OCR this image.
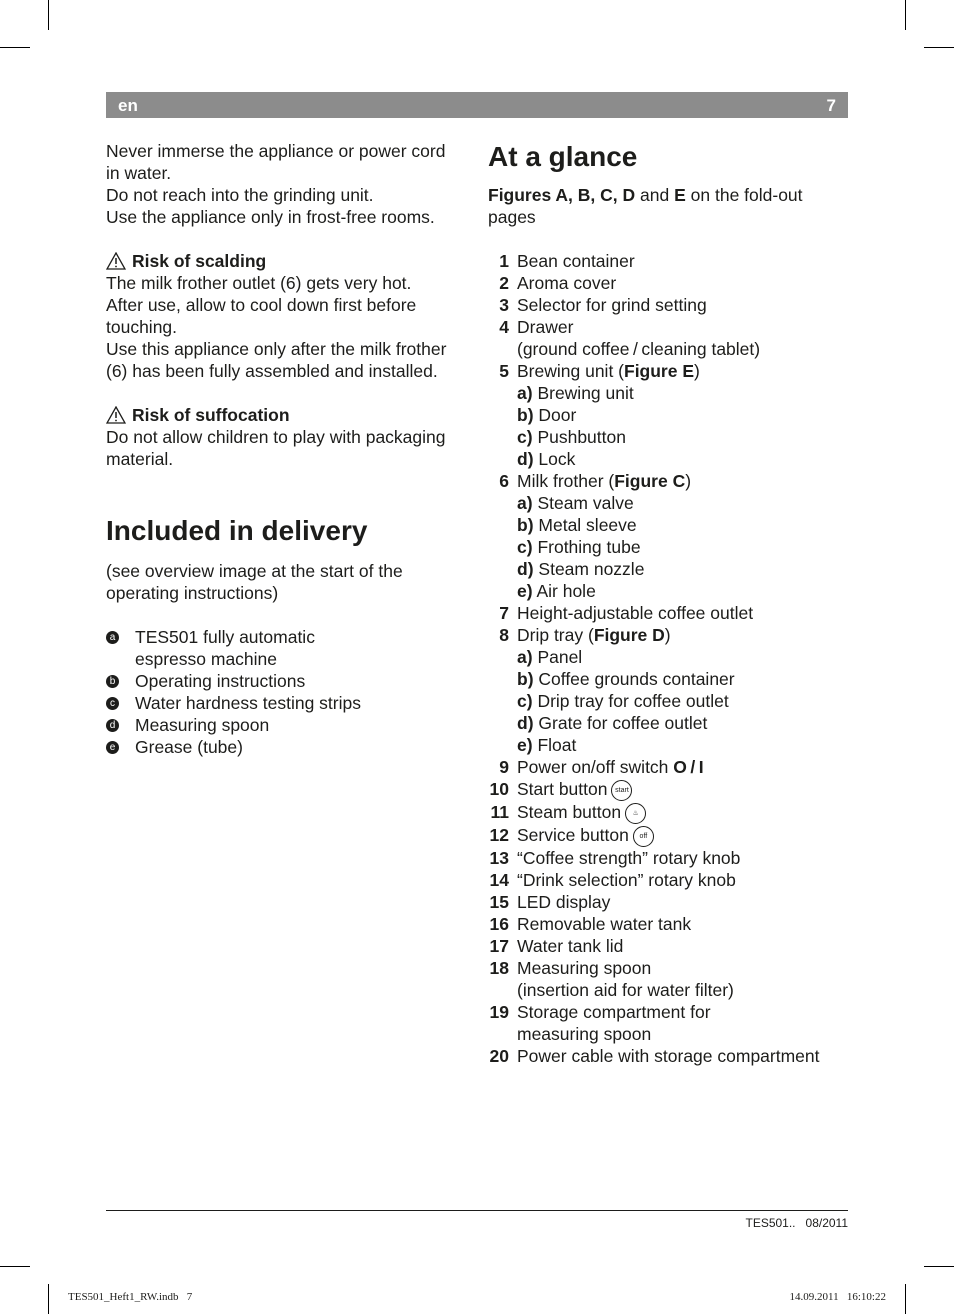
en	7

Never immerse the appliance or power cord

in water.

Do not reach into the grinding unit.

Use the appliance only in frost-free rooms.

Risk of scalding

The milk frother outlet (6) gets very hot.

After use, allow to cool down first before

touching.

Use this appliance only after the milk frother

(6) has been fully assembled and installed.

Risk of suffocation

Do not allow children to play with packaging

material.

Included in delivery

(see overview image at the start of the

operating instructions)

a TES501 fully automatic
espresso machine
b Operating instructions
c Water hardness testing strips
d Measuring spoon
e Grease (tube)
At a glance

Figures A, B, C, D and E on the fold-out

pages

1 Bean container
2 Aroma cover
3 Selector for grind setting
4 Drawer
(ground coffee / cleaning tablet)
5 Brewing unit (Figure E)
a) Brewing unit
b) Door
c) Pushbutton
d) Lock
6 Milk frother (Figure C)
a) Steam valve
b) Metal sleeve
c) Frothing tube
d) Steam nozzle
e) Air hole
7 Height-adjustable coffee outlet
8 Drip tray (Figure D)
a) Panel
b) Coffee grounds container
c) Drip tray for coffee outlet
d) Grate for coffee outlet
e) Float
9 Power on/off switch O / I
10 Start button start
11 Steam button ♨
12 Service button off
13 “Coffee strength” rotary knob
14 “Drink selection” rotary knob
15 LED display
16 Removable water tank
17 Water tank lid
18 Measuring spoon
(insertion aid for water filter)
19 Storage compartment for
measuring spoon
20 Power cable with storage compartment
TES501..   08/2011
TES501_Heft1_RW.indb   7	14.09.2011   16:10:22
